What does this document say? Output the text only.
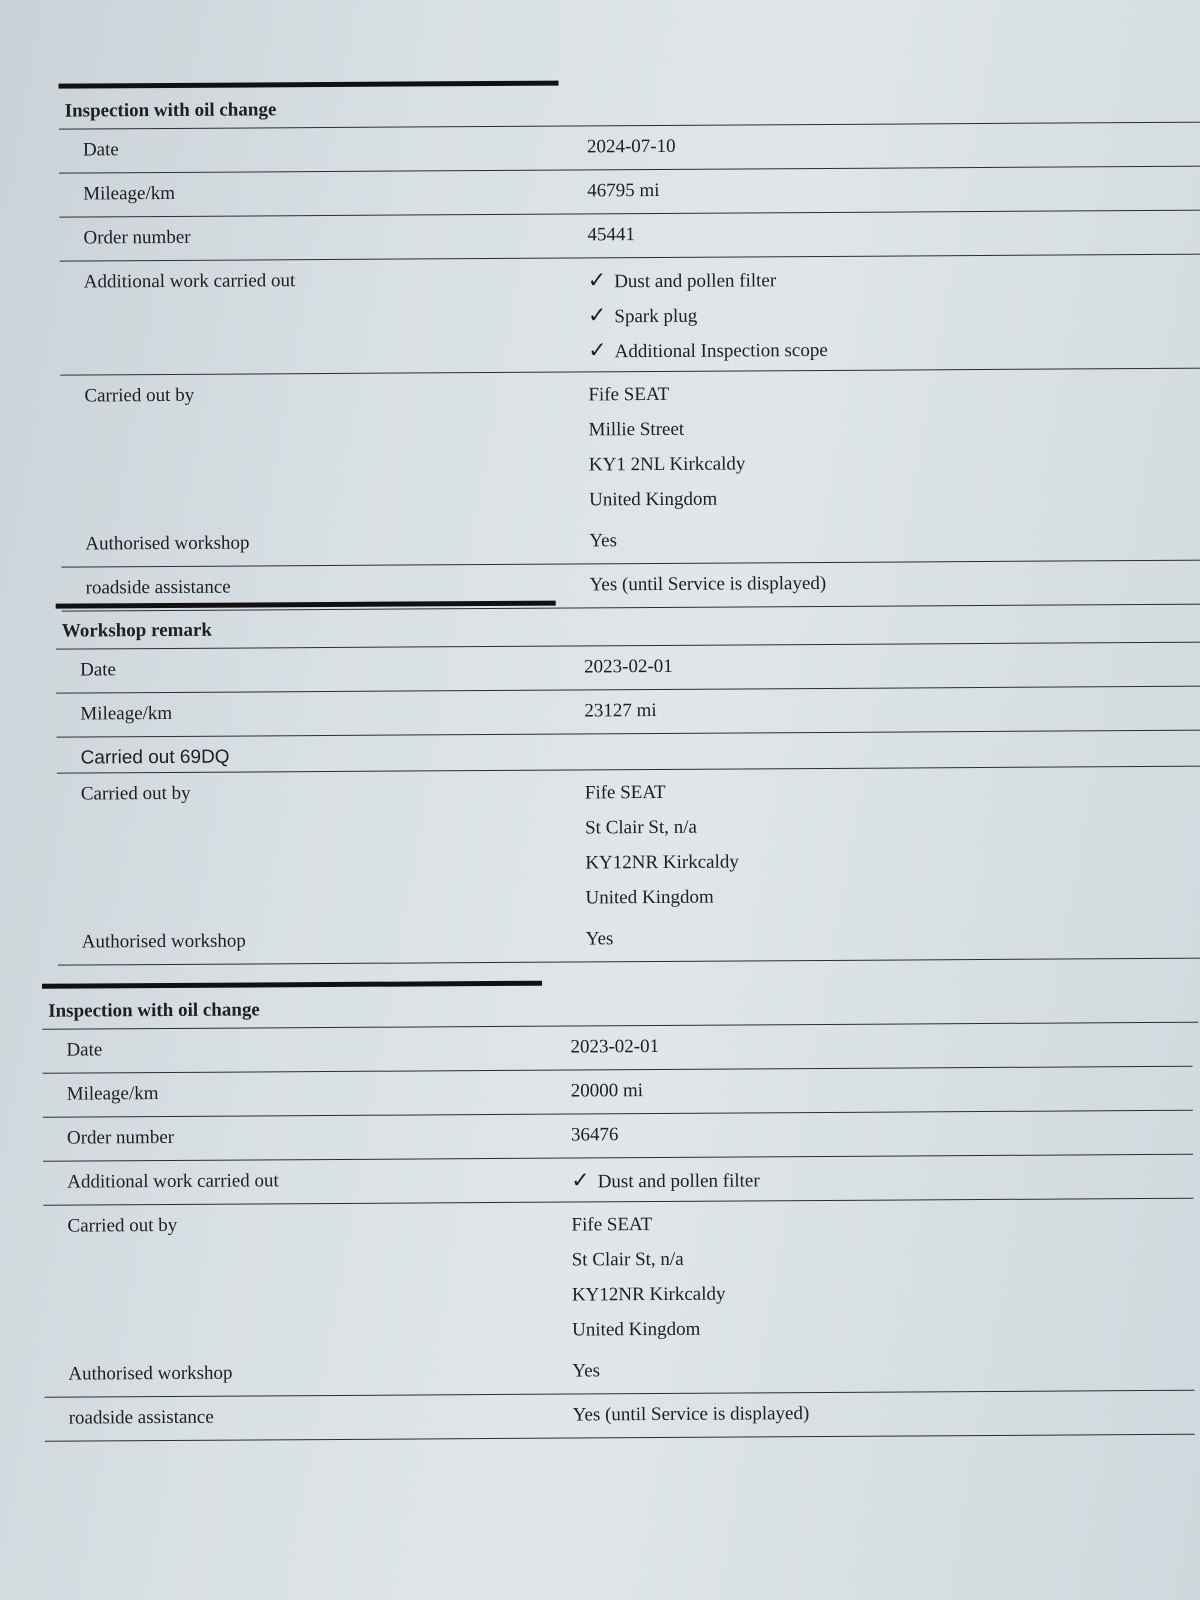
Inspection with oil change
Date	2024-07-10
Mileage/km	46795 mi
Order number	45441
Additional work carried out	✓ Dust and pollen filter
✓ Spark plug
✓ Additional Inspection scope
Carried out by	Fife SEAT
Millie Street
KY1 2NL Kirkcaldy
United Kingdom
Authorised workshop	Yes
roadside assistance	Yes (until Service is displayed)
Workshop remark
Date	2023-02-01
Mileage/km	23127 mi
Carried out 69DQ
Carried out by	Fife SEAT
St Clair St, n/a
KY12NR Kirkcaldy
United Kingdom
Authorised workshop	Yes
Inspection with oil change
Date	2023-02-01
Mileage/km	20000 mi
Order number	36476
Additional work carried out	✓ Dust and pollen filter
Carried out by	Fife SEAT
St Clair St, n/a
KY12NR Kirkcaldy
United Kingdom
Authorised workshop	Yes
roadside assistance	Yes (until Service is displayed)
